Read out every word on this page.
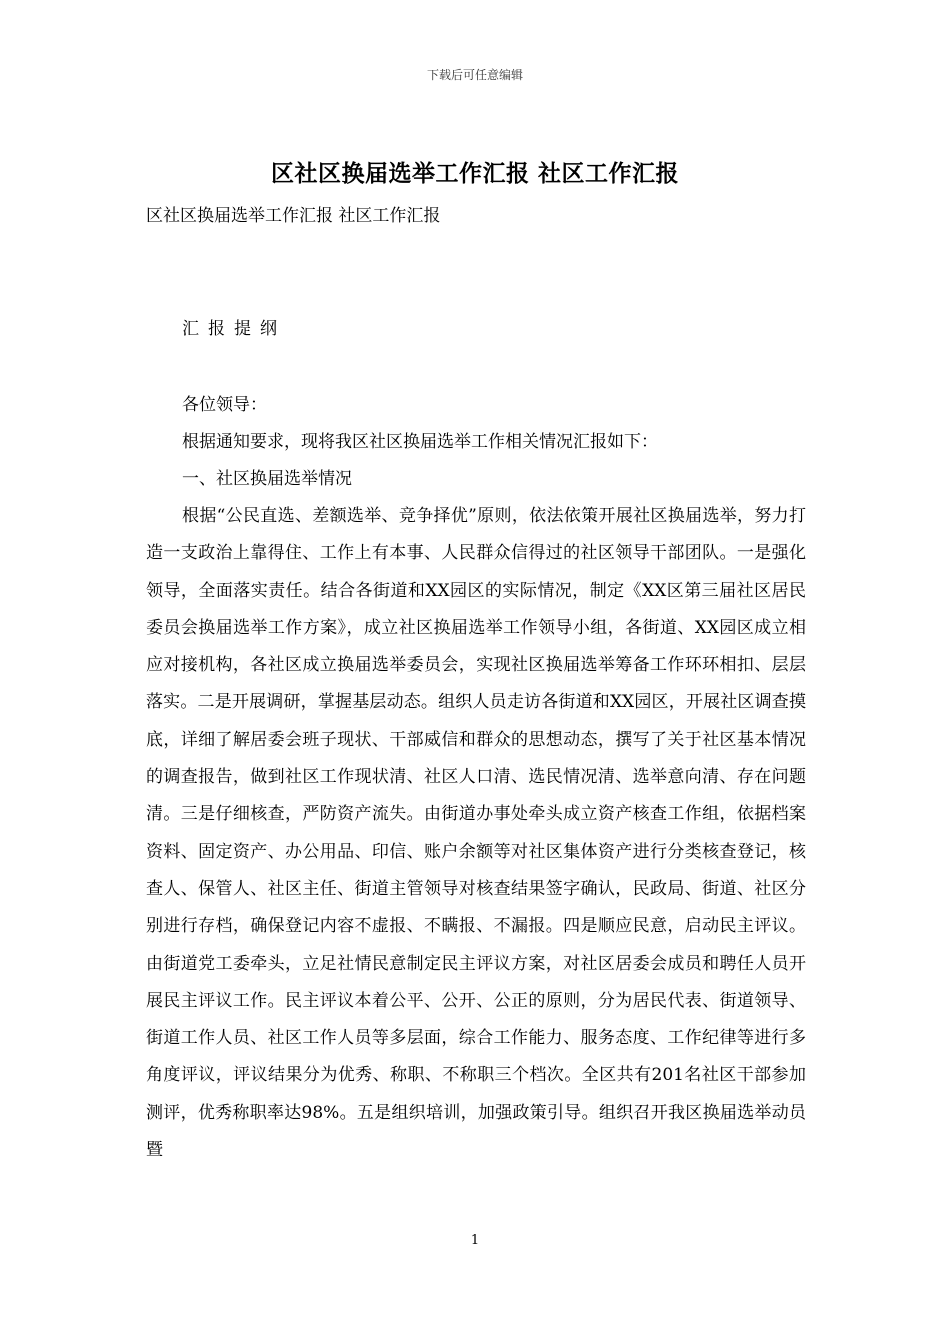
下载后可任意编辑
区社区换届选举工作汇报 社区工作汇报
区社区换届选举工作汇报 社区工作汇报
汇报提纲
各位领导：
根据通知要求，现将我区社区换届选举工作相关情况汇报如下：
一、社区换届选举情况

根据“公民直选、差额选举、竞争择优”原则，依法依策开展社区换届选举，努力打造一支政治上靠得住、工作上有本事、人民群众信得过的社区领导干部团队。一是强化领导，全面落实责任。结合各街道和XX园区的实际情况，制定《XX区第三届社区居民委员会换届选举工作方案》，成立社区换届选举工作领导小组，各街道、XX园区成立相应对接机构，各社区成立换届选举委员会，实现社区换届选举筹备工作环环相扣、层层落实。二是开展调研，掌握基层动态。组织人员走访各街道和XX园区，开展社区调查摸底，详细了解居委会班子现状、干部威信和群众的思想动态，撰写了关于社区基本情况的调查报告，做到社区工作现状清、社区人口清、选民情况清、选举意向清、存在问题清。三是仔细核查，严防资产流失。由街道办事处牵头成立资产核查工作组，依据档案资料、固定资产、办公用品、印信、账户余额等对社区集体资产进行分类核查登记，核查人、保管人、社区主任、街道主管领导对核查结果签字确认，民政局、街道、社区分别进行存档，确保登记内容不虚报、不瞒报、不漏报。四是顺应民意，启动民主评议。由街道党工委牵头，立足社情民意制定民主评议方案，对社区居委会成员和聘任人员开展民主评议工作。民主评议本着公平、公开、公正的原则，分为居民代表、街道领导、街道工作人员、社区工作人员等多层面，综合工作能力、服务态度、工作纪律等进行多角度评议，评议结果分为优秀、称职、不称职三个档次。全区共有201名社区干部参加测评，优秀称职率达98%。五是组织培训，加强政策引导。组织召开我区换届选举动员暨

1
